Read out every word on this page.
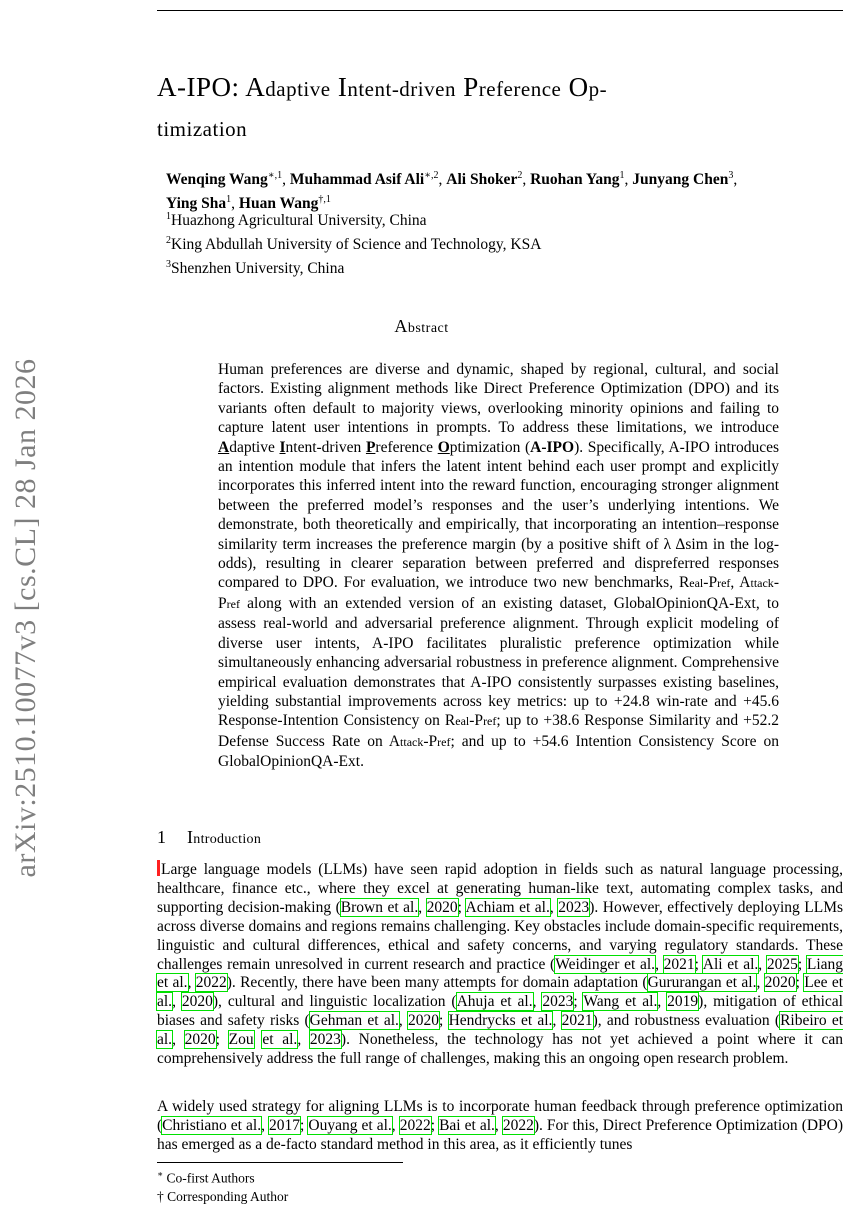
arXiv:2510.10077v3 [cs.CL] 28 Jan 2026
A-IPO: Adaptive Intent-driven Preference Op-
timization
Wenqing Wang$^{∗,1}$, Muhammad Asif Ali$^{∗,2}$, Ali Shoker$^2$, Ruohan Yang$^1$, Junyang Chen$^3$,
Ying Sha$^1$, Huan Wang$^{\dagger,1}$
$^1$Huazhong Agricultural University, China
$^2$King Abdullah University of Science and Technology, KSA
$^3$Shenzhen University, China
Abstract
Human preferences are diverse and dynamic, shaped by regional, cultural, and social factors. Existing alignment methods like Direct Preference Optimization (DPO) and its variants often default to majority views, overlooking minority opinions and failing to capture latent user intentions in prompts. To address these limitations, we introduce Adaptive Intent-driven Preference Optimization (A-IPO). Specifically, A-IPO introduces an intention module that infers the latent intent behind each user prompt and explicitly incorporates this inferred intent into the reward function, encouraging stronger alignment between the preferred model’s responses and the user’s underlying intentions. We demonstrate, both theoretically and empirically, that incorporating an intention–response similarity term increases the preference margin (by a positive shift of λ Δsim in the log-odds), resulting in clearer separation between preferred and dispreferred responses compared to DPO. For evaluation, we introduce two new benchmarks, Real-Pref, Attack-Pref along with an extended version of an existing dataset, GlobalOpinionQA-Ext, to assess real-world and adversarial preference alignment. Through explicit modeling of diverse user intents, A-IPO facilitates pluralistic preference optimization while simultaneously enhancing adversarial robustness in preference alignment. Comprehensive empirical evaluation demonstrates that A-IPO consistently surpasses existing baselines, yielding substantial improvements across key metrics: up to +24.8 win-rate and +45.6 Response-Intention Consistency on Real-Pref; up to +38.6 Response Similarity and +52.2 Defense Success Rate on Attack-Pref; and up to +54.6 Intention Consistency Score on GlobalOpinionQA-Ext.
1 Introduction
Large language models (LLMs) have seen rapid adoption in fields such as natural language processing, healthcare, finance etc., where they excel at generating human-like text, automating complex tasks, and supporting decision-making (Brown et al., 2020; Achiam et al., 2023). However, effectively deploying LLMs across diverse domains and regions remains challenging. Key obstacles include domain-specific requirements, linguistic and cultural differences, ethical and safety concerns, and varying regulatory standards. These challenges remain unresolved in current research and practice (Weidinger et al., 2021; Ali et al., 2025; Liang et al., 2022). Recently, there have been many attempts for domain adaptation (Gururangan et al., 2020; Lee et al., 2020), cultural and linguistic localization (Ahuja et al., 2023; Wang et al., 2019), mitigation of ethical biases and safety risks (Gehman et al., 2020; Hendrycks et al., 2021), and robustness evaluation (Ribeiro et al., 2020; Zou et al., 2023). Nonetheless, the technology has not yet achieved a point where it can comprehensively address the full range of challenges, making this an ongoing open research problem.
A widely used strategy for aligning LLMs is to incorporate human feedback through preference optimization (Christiano et al., 2017; Ouyang et al., 2022; Bai et al., 2022). For this, Direct Preference Optimization (DPO) has emerged as a de-facto standard method in this area, as it efficiently tunes
∗ Co-first Authors
† Corresponding Author
